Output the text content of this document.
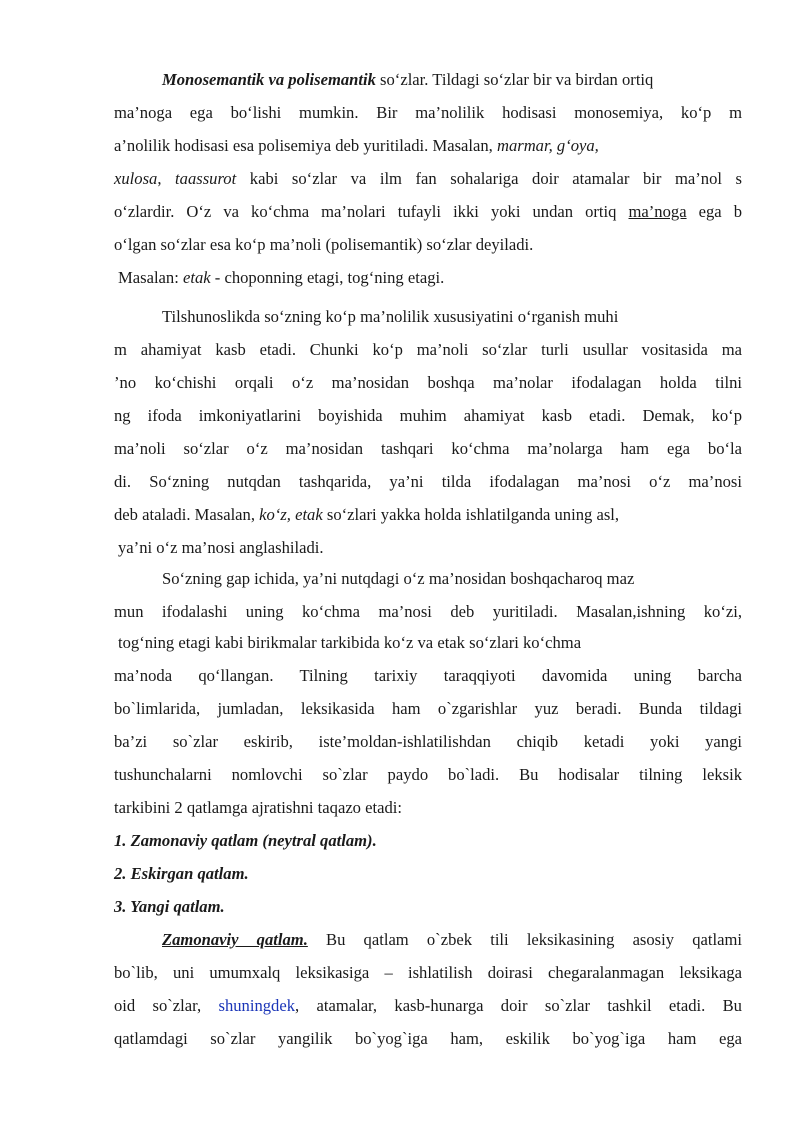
Monosemantik va polisemantik so‘zlar. Tildagi so‘zlar bir va birdan ortiq
ma’noga ega bo‘lishi mumkin. Bir ma’nolilik hodisasi monosemiya, ko‘p m
a’nolilik hodisasi esa polisemiya deb yuritiladi. Masalan, marmar, g‘oya,
xulosa, taassurot kabi so‘zlar va ilm fan sohalariga doir atamalar bir ma’nol s
o‘zlardir. O‘z va ko‘chma ma’nolari tufayli ikki yoki undan ortiq ma’noga ega b
o‘lgan so‘zlar esa ko‘p ma’noli (polisemantik) so‘zlar deyiladi.
Masalan: etak - choponning etagi, tog‘ning etagi.
Tilshunoslikda so‘zning ko‘p ma’nolilik xususiyatini o‘rganish muhi
m ahamiyat kasb etadi. Chunki ko‘p ma’noli so‘zlar turli usullar vositasida ma
’no ko‘chishi orqali o‘z ma’nosidan boshqa ma’nolar ifodalagan holda tilni
ng ifoda imkoniyatlarini boyishida muhim ahamiyat kasb etadi. Demak, ko‘p
ma’noli so‘zlar o‘z ma’nosidan tashqari ko‘chma ma’nolarga ham ega bo‘la
di. So‘zning nutqdan tashqarida, ya’ni tilda ifodalagan ma’nosi o‘z ma’nosi
deb ataladi. Masalan, ko‘z, etak so‘zlari yakka holda ishlatilganda uning asl,
ya’ni o‘z ma’nosi anglashiladi.
So‘zning gap ichida, ya’ni nutqdagi o‘z ma’nosidan boshqacharoq maz
mun ifodalashi uning ko‘chma ma’nosi deb yuritiladi. Masalan,ishning ko‘zi,
tog‘ning etagi kabi birikmalar tarkibida ko‘z va etak so‘zlari ko‘chma
ma’noda qo‘llangan. Tilning tarixiy taraqqiyoti davomida uning barcha
bo`limlarida, jumladan, leksikasida ham o`zgarishlar yuz beradi. Bunda tildagi
ba’zi so`zlar eskirib, iste’moldan-ishlatilishdan chiqib ketadi yoki yangi
tushunchalarni nomlovchi so`zlar paydo bo`ladi. Bu hodisalar tilning leksik
tarkibini 2 qatlamga ajratishni taqazo etadi:
1. Zamonaviy qatlam (neytral qatlam).
2. Eskirgan qatlam.
3. Yangi qatlam.
Zamonaviy qatlam. Bu qatlam o`zbek tili leksikasining asosiy qatlami
bo`lib, uni umumxalq leksikasiga – ishlatilish doirasi chegaralanmagan leksikaga
oid so`zlar, shuningdek, atamalar, kasb-hunarga doir so`zlar tashkil etadi. Bu
qatlamdagi so`zlar yangilik bo`yog`iga ham, eskilik bo`yog`iga ham ega
